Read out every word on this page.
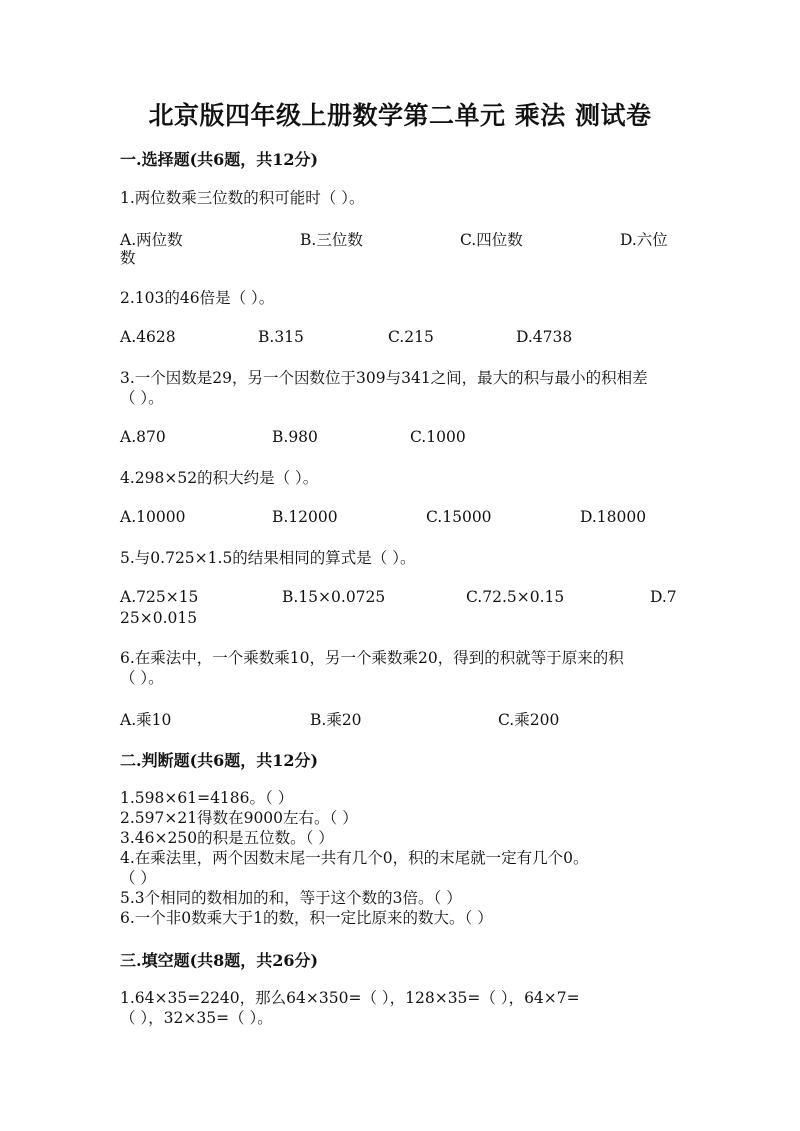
北京版四年级上册数学第二单元 乘法 测试卷
一.选择题(共6题，共12分)
1.两位数乘三位数的积可能时（ ）。
A.两位数	B.三位数	C.四位数	D.六位
数
2.103的46倍是（ ）。
A.4628	B.315	C.215	D.4738
3.一个因数是29，另一个因数位于309与341之间，最大的积与最小的积相差
（ ）。
A.870	B.980	C.1000
4.298×52的积大约是（ ）。
A.10000	B.12000	C.15000	D.18000
5.与0.725×1.5的结果相同的算式是（ ）。
A.725×15	B.15×0.0725	C.72.5×0.15	D.7
25×0.015
6.在乘法中，一个乘数乘10，另一个乘数乘20，得到的积就等于原来的积
（ ）。
A.乘10	B.乘20	C.乘200
二.判断题(共6题，共12分)
1.598×61=4186。（ ）
2.597×21得数在9000左右。（ ）
3.46×250的积是五位数。（ ）
4.在乘法里，两个因数末尾一共有几个0，积的末尾就一定有几个0。
（ ）
5.3个相同的数相加的和，等于这个数的3倍。（ ）
6.一个非0数乘大于1的数，积一定比原来的数大。（ ）
三.填空题(共8题，共26分)
1.64×35=2240，那么64×350=（ ），128×35=（ ），64×7=
（ ），32×35=（ ）。
